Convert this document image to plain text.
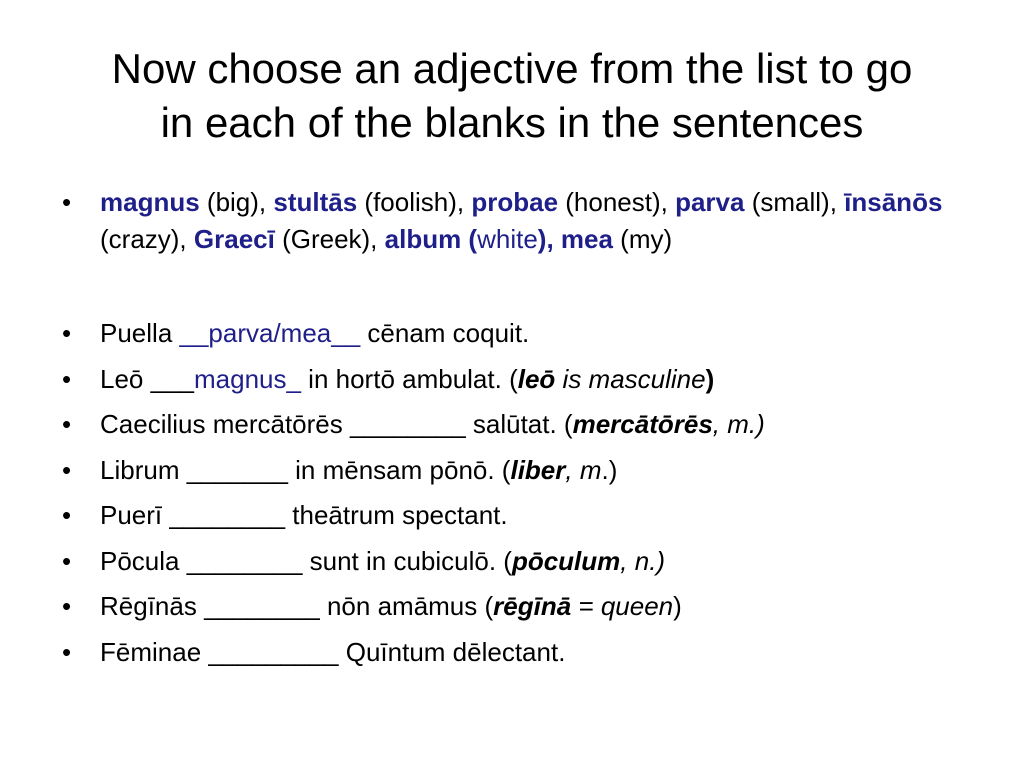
Now choose an adjective from the list to go
in each of the blanks in the sentences
• magnus (big), stultās (foolish), probae (honest), parva (small), īnsānōs (crazy), Graecī (Greek), album (white), mea (my)
• Puella __parva/mea__ cēnam coquit.
• Leō ___magnus_ in hortō ambulat. (leō is masculine)
• Caecilius mercātōrēs ________ salūtat. (mercātōrēs, m.)
• Librum _______ in mēnsam pōnō. (liber, m.)
• Puerī ________ theātrum spectant.
• Pōcula ________ sunt in cubiculō. (pōculum, n.)
• Rēgīnās ________ nōn amāmus (rēgīnā = queen)
• Fēminae _________ Quīntum dēlectant.
